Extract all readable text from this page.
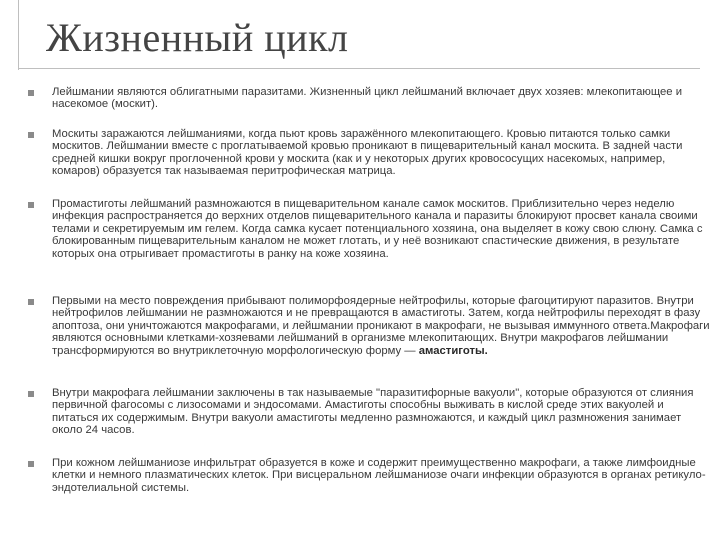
Жизненный цикл
Лейшмании являются облигатными паразитами. Жизненный цикл лейшманий включает двух хозяев: млекопитающее и насекомое (москит).
Москиты заражаются лейшманиями, когда пьют кровь заражённого млекопитающего. Кровью питаются только самки москитов. Лейшмании вместе с проглатываемой кровью проникают в пищеварительный канал москита. В задней части средней кишки вокруг проглоченной крови у москита (как и у некоторых других кровососущих насекомых, например, комаров) образуется так называемая перитрофическая матрица.
Промастиготы лейшманий размножаются в пищеварительном канале самок москитов. Приблизительно через неделю инфекция распространяется до верхних отделов пищеварительного канала и паразиты блокируют просвет канала своими телами и секретируемым им гелем. Когда самка кусает потенциального хозяина, она выделяет в кожу свою слюну. Самка с блокированным пищеварительным каналом не может глотать, и у неё возникают спастические движения, в результате которых она отрыгивает промастиготы в ранку на коже хозяина.
Первыми на место повреждения прибывают полиморфоядерные нейтрофилы, которые фагоцитируют паразитов. Внутри нейтрофилов лейшмании не размножаются и не превращаются в амастиготы. Затем, когда нейтрофилы переходят в фазу апоптоза, они уничтожаются макрофагами, и лейшмании проникают в макрофаги, не вызывая иммунного ответа.Макрофаги являются основными клетками-хозяевами лейшманий в организме млекопитающих. Внутри макрофагов лейшмании трансформируются во внутриклеточную морфологическую форму — амастиготы.
Внутри макрофага лейшмании заключены в так называемые "паразитифорные вакуоли", которые образуются от слияния первичной фагосомы с лизосомами и эндосомами. Амастиготы способны выживать в кислой среде этих вакуолей и питаться их содержимым. Внутри вакуоли амастиготы медленно размножаются, и каждый цикл размножения занимает около 24 часов.
При кожном лейшманиозе инфильтрат образуется в коже и содержит преимущественно макрофаги, а также лимфоидные клетки и немного плазматических клеток. При висцеральном лейшманиозе очаги инфекции образуются в органах ретикуло-эндотелиальной системы.
